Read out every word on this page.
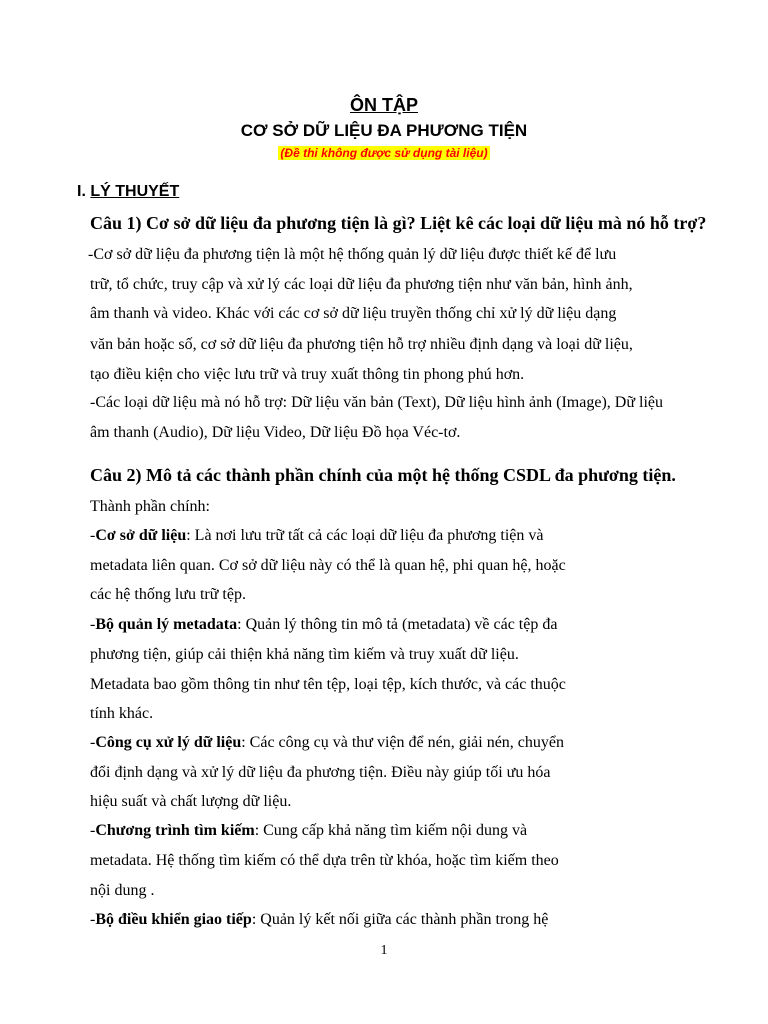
ÔN TẬP
CƠ SỞ DỮ LIỆU ĐA PHƯƠNG TIỆN
(Đề thi không được sử dụng tài liệu)
I. LÝ THUYẾT
Câu 1) Cơ sở dữ liệu đa phương tiện là gì? Liệt kê các loại dữ liệu mà nó hỗ trợ?
-Cơ sở dữ liệu đa phương tiện là một hệ thống quản lý dữ liệu được thiết kế để lưu
trữ, tổ chức, truy cập và xử lý các loại dữ liệu đa phương tiện như văn bản, hình ảnh,
âm thanh và video. Khác với các cơ sở dữ liệu truyền thống chỉ xử lý dữ liệu dạng
văn bản hoặc số, cơ sở dữ liệu đa phương tiện hỗ trợ nhiều định dạng và loại dữ liệu,
tạo điều kiện cho việc lưu trữ và truy xuất thông tin phong phú hơn.
-Các loại dữ liệu mà nó hỗ trợ: Dữ liệu văn bản (Text), Dữ liệu hình ảnh (Image), Dữ liệu
âm thanh (Audio), Dữ liệu Video, Dữ liệu Đồ họa Véc-tơ.
Câu 2) Mô tả các thành phần chính của một hệ thống CSDL đa phương tiện.
Thành phần chính:
-Cơ sở dữ liệu: Là nơi lưu trữ tất cả các loại dữ liệu đa phương tiện và
metadata liên quan. Cơ sở dữ liệu này có thể là quan hệ, phi quan hệ, hoặc
các hệ thống lưu trữ tệp.
-Bộ quản lý metadata: Quản lý thông tin mô tả (metadata) về các tệp đa
phương tiện, giúp cải thiện khả năng tìm kiếm và truy xuất dữ liệu.
Metadata bao gồm thông tin như tên tệp, loại tệp, kích thước, và các thuộc
tính khác.
-Công cụ xử lý dữ liệu: Các công cụ và thư viện để nén, giải nén, chuyển
đổi định dạng và xử lý dữ liệu đa phương tiện. Điều này giúp tối ưu hóa
hiệu suất và chất lượng dữ liệu.
-Chương trình tìm kiếm: Cung cấp khả năng tìm kiếm nội dung và
metadata. Hệ thống tìm kiếm có thể dựa trên từ khóa, hoặc tìm kiếm theo
nội dung .
-Bộ điều khiển giao tiếp: Quản lý kết nối giữa các thành phần trong hệ
1
